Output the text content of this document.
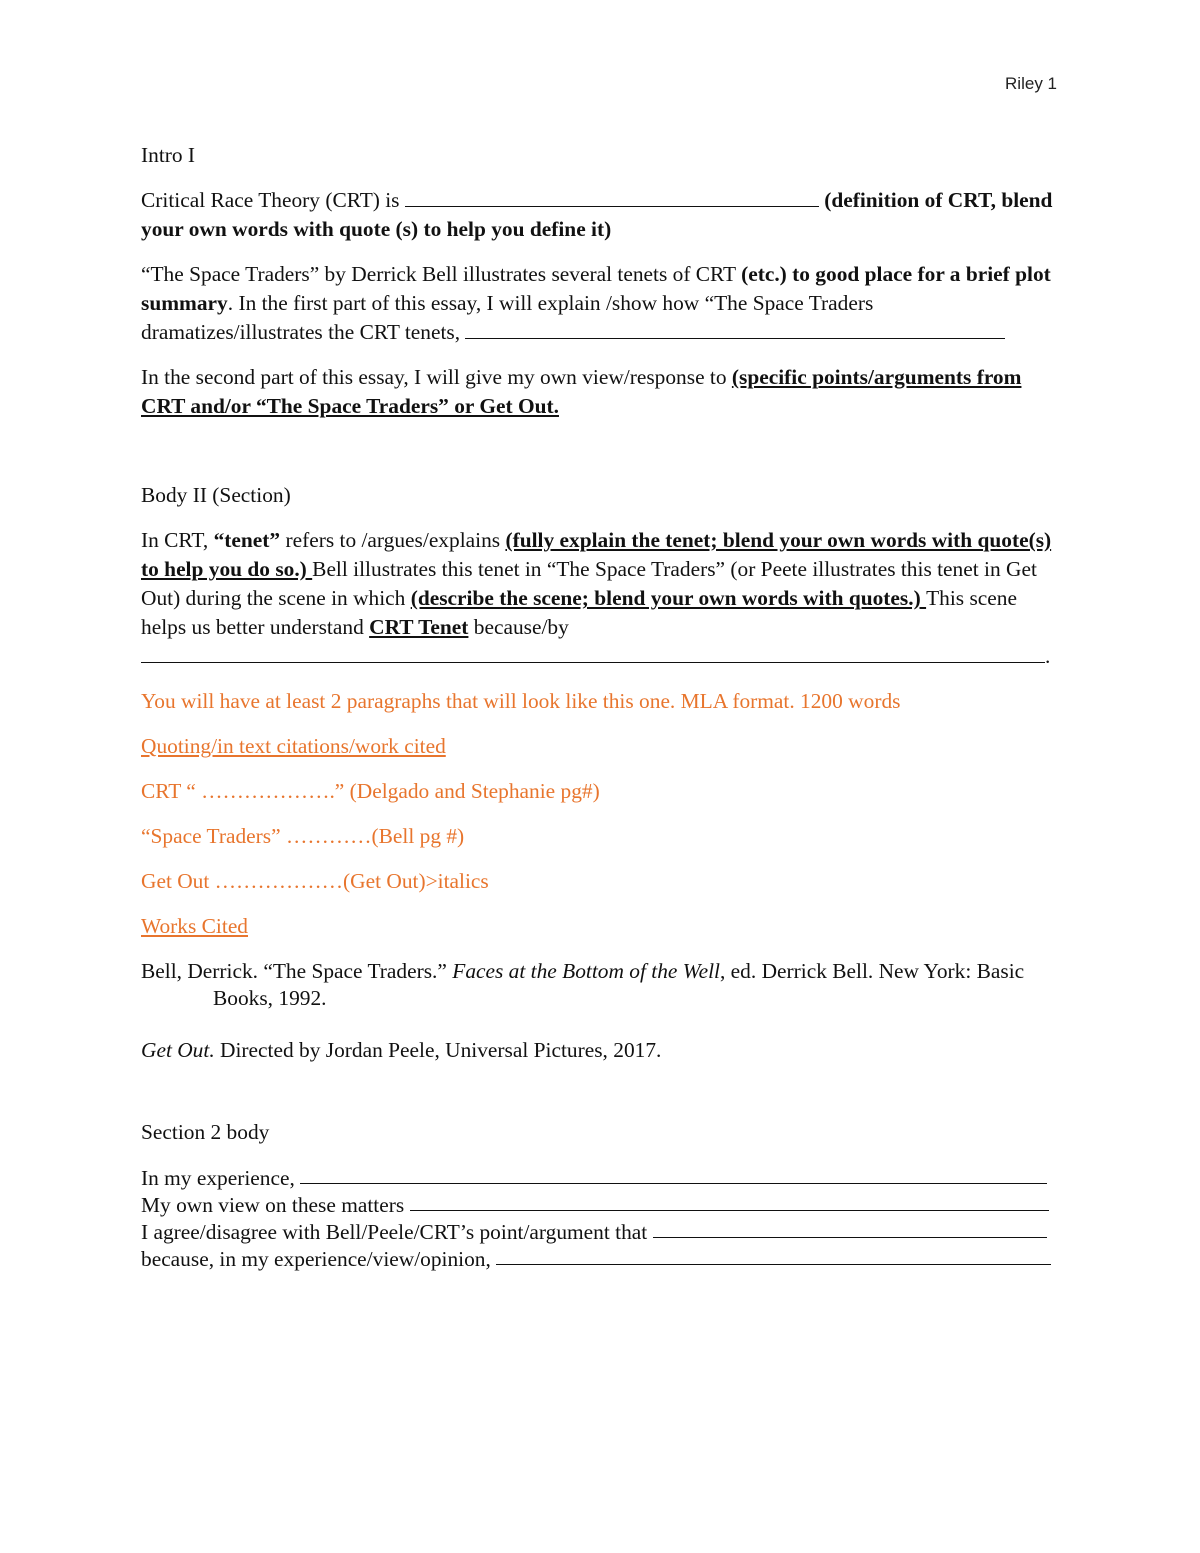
Riley 1

Intro I

Critical Race Theory (CRT) is	(definition of CRT, blend your own words with quote (s) to help you define it)

“The Space Traders” by Derrick Bell illustrates several tenets of CRT (etc.) to good place for a brief plot summary. In the first part of this essay, I will explain /show how “The Space Traders dramatizes/illustrates the CRT tenets,

In the second part of this essay, I will give my own view/response to (specific points/arguments from CRT and/or “The Space Traders” or Get Out.

Body II (Section)

In CRT, “tenet” refers to /argues/explains (fully explain the tenet; blend your own words with quote(s) to help you do so.) Bell illustrates this tenet in “The Space Traders” (or Peete illustrates this tenet in Get Out) during the scene in which (describe the scene; blend your own words with quotes.) This scene helps us better understand CRT Tenet because/by
.

You will have at least 2 paragraphs that will look like this one. MLA format. 1200 words

Quoting/in text citations/work cited

CRT “ ……………….” (Delgado and Stephanie pg#)

“Space Traders” …………(Bell pg #)

Get Out ………………(Get Out)>italics

Works Cited

Bell, Derrick. “The Space Traders.” Faces at the Bottom of the Well, ed. Derrick Bell. New York: Basic Books, 1992.

Get Out. Directed by Jordan Peele, Universal Pictures, 2017.

Section 2 body

In my experience,
My own view on these matters
I agree/disagree with Bell/Peele/CRT’s point/argument that
because, in my experience/view/opinion,
